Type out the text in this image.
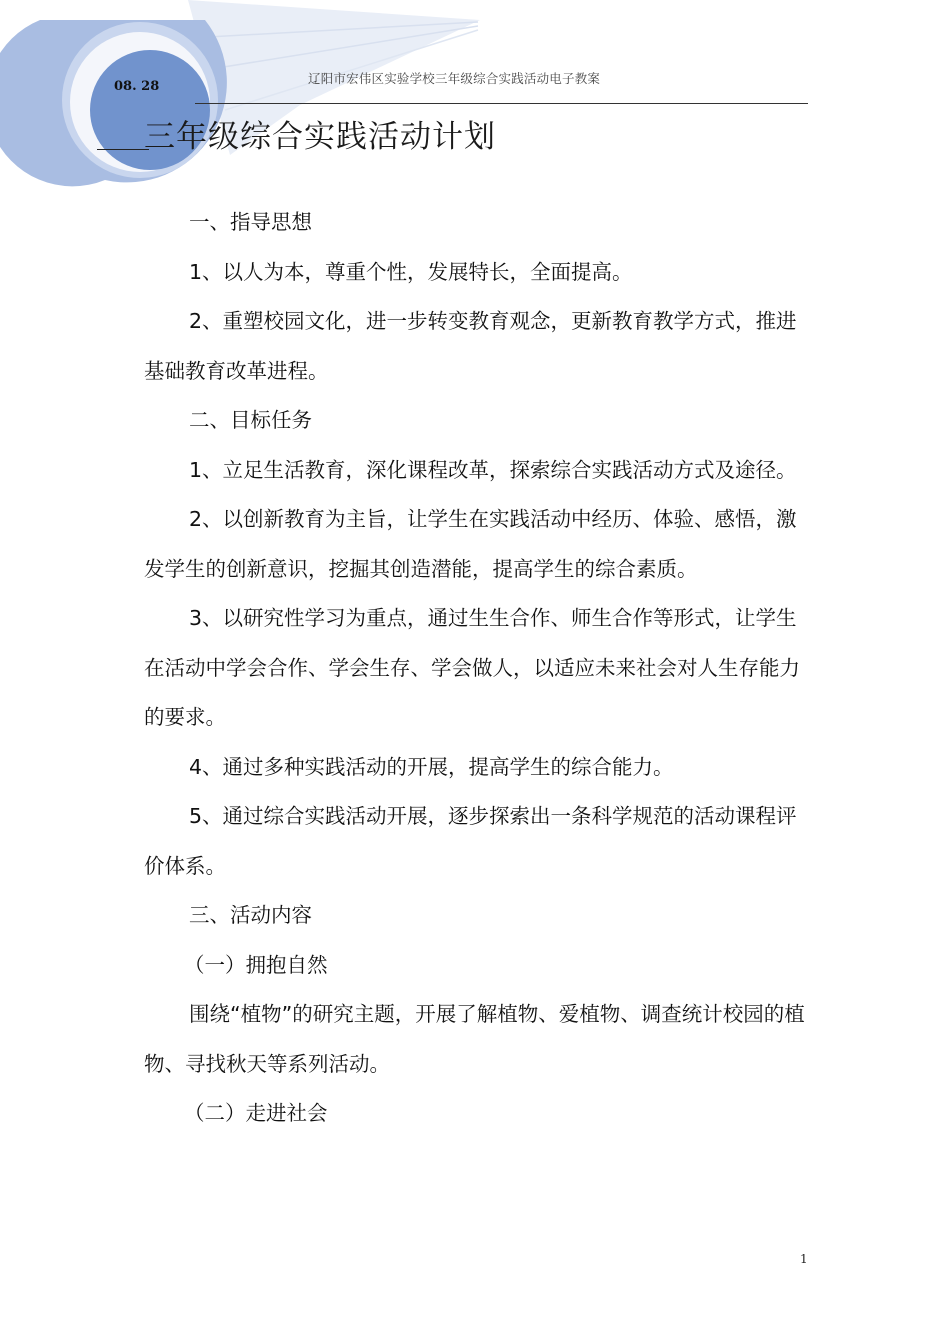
08. 28
辽阳市宏伟区实验学校三年级综合实践活动电子教案
三年级综合实践活动计划

一、指导思想

1、以人为本，尊重个性，发展特长，全面提高。

2、重塑校园文化，进一步转变教育观念，更新教育教学方式，推进基础教育改革进程。

二、目标任务

1、立足生活教育，深化课程改革，探索综合实践活动方式及途径。

2、以创新教育为主旨，让学生在实践活动中经历、体验、感悟，激发学生的创新意识，挖掘其创造潜能，提高学生的综合素质。

3、以研究性学习为重点，通过生生合作、师生合作等形式，让学生在活动中学会合作、学会生存、学会做人，以适应未来社会对人生存能力的要求。

4、通过多种实践活动的开展，提高学生的综合能力。

5、通过综合实践活动开展，逐步探索出一条科学规范的活动课程评价体系。

三、活动内容

（一）拥抱自然

围绕“植物”的研究主题，开展了解植物、爱植物、调查统计校园的植物、寻找秋天等系列活动。

（二）走进社会

1
